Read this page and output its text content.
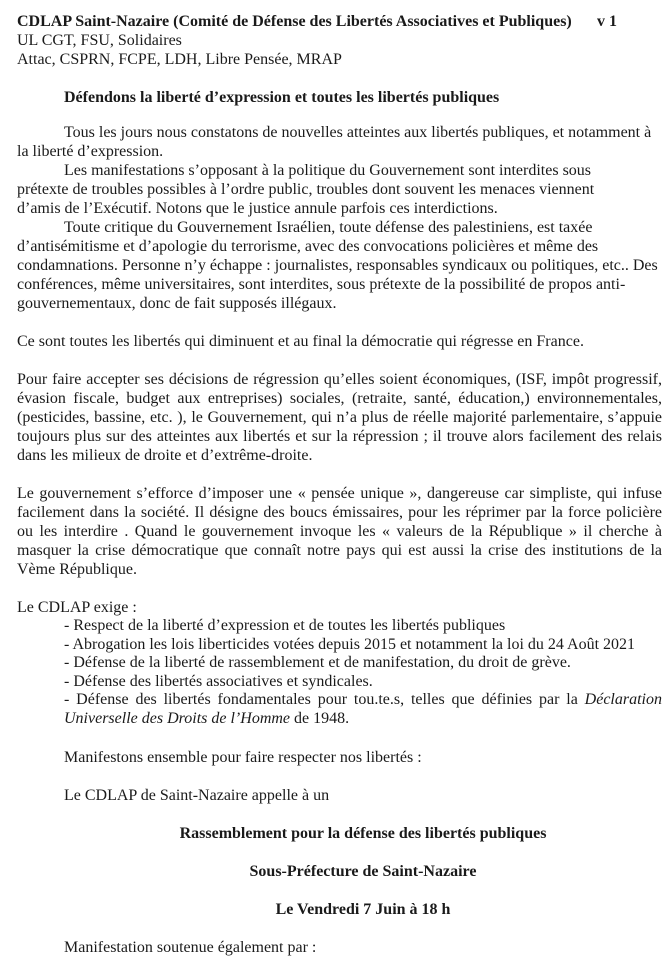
CDLAP Saint-Nazaire (Comité de Défense des Libertés Associatives et Publiques) v 1
UL CGT, FSU, Solidaires
Attac, CSPRN, FCPE, LDH, Libre Pensée, MRAP
Défendons la liberté d’expression et toutes les libertés publiques

Tous les jours nous constatons de nouvelles atteintes aux libertés publiques, et notamment à la liberté d’expression.

Les manifestations s’opposant à la politique du Gouvernement sont interdites sous prétexte de troubles possibles à l’ordre public, troubles dont souvent les menaces viennent d’amis de l’Exécutif. Notons que le justice annule parfois ces interdictions.

Toute critique du Gouvernement Israélien, toute défense des palestiniens, est taxée d’antisémitisme et d’apologie du terrorisme, avec des convocations policières et même des condamnations. Personne n’y échappe : journalistes, responsables syndicaux ou politiques, etc.. Des conférences, même universitaires, sont interdites, sous prétexte de la possibilité de propos anti-gouvernementaux, donc de fait supposés illégaux.

Ce sont toutes les libertés qui diminuent et au final la démocratie qui régresse en France.

Pour faire accepter ses décisions de régression qu’elles soient économiques, (ISF, impôt progressif, évasion fiscale, budget aux entreprises) sociales, (retraite, santé, éducation,) environnementales, (pesticides, bassine, etc. ), le Gouvernement, qui n’a plus de réelle majorité parlementaire, s’appuie toujours plus sur des atteintes aux libertés et sur la répression ; il trouve alors facilement des relais dans les milieux de droite et d’extrême-droite.

Le gouvernement s’efforce d’imposer une « pensée unique », dangereuse car simpliste, qui infuse facilement dans la société. Il désigne des boucs émissaires, pour les réprimer par la force policière ou les interdire . Quand le gouvernement invoque les « valeurs de la République » il cherche à masquer la crise démocratique que connaît notre pays qui est aussi la crise des institutions de la Vème République.

Le CDLAP exige :
- Respect de la liberté d’expression et de toutes les libertés publiques
- Abrogation les lois liberticides votées depuis 2015 et notamment la loi du 24 Août 2021
- Défense de la liberté de rassemblement et de manifestation, du droit de grève.
- Défense des libertés associatives et syndicales.
- Défense des libertés fondamentales pour tou.te.s, telles que définies par la Déclaration Universelle des Droits de l’Homme de 1948.
Manifestons ensemble pour faire respecter nos libertés :
Le CDLAP de Saint-Nazaire appelle à un
Rassemblement pour la défense des libertés publiques
Sous-Préfecture de Saint-Nazaire
Le Vendredi 7 Juin à 18 h
Manifestation soutenue également par :
